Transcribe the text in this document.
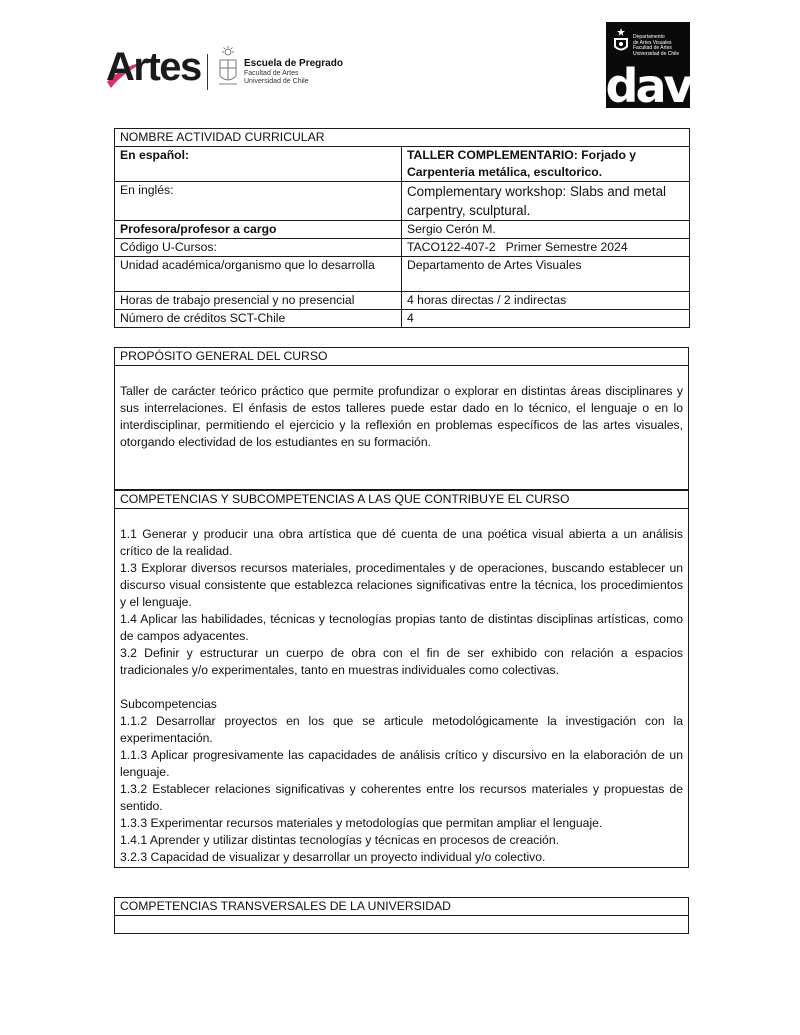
Artes	Escuela de Pregrado
Facultad de Artes
Universidad de Chile
Departamento
de Artes Visuales
Facultad de Artes
Universidad de Chile
dav
NOMBRE ACTIVIDAD CURRICULAR	
En español:	TALLER COMPLEMENTARIO: Forjado y Carpenteria metálica, escultorico.
En inglés:	Complementary workshop: Slabs and metal carpentry, sculptural.
Profesora/profesor a cargo	Sergio Cerón M.
Código U-Cursos:	TACO122-407-2   Primer Semestre 2024
Unidad académica/organismo que lo desarrolla	Departamento de Artes Visuales
Horas de trabajo presencial y no presencial	4 horas directas / 2 indirectas
Número de créditos SCT-Chile	4
PROPÓSITO GENERAL DEL CURSO

Taller de carácter teórico práctico que permite profundizar o explorar en distintas áreas disciplinares y sus interrelaciones. El énfasis de estos talleres puede estar dado en lo técnico, el lenguaje o en lo interdisciplinar, permitiendo el ejercicio y la reflexión en problemas específicos de las artes visuales, otorgando electividad de los estudiantes en su formación.
COMPETENCIAS Y SUBCOMPETENCIAS A LAS QUE CONTRIBUYE EL CURSO

1.1 Generar y producir una obra artística que dé cuenta de una poética visual abierta a un análisis crítico de la realidad.
1.3 Explorar diversos recursos materiales, procedimentales y de operaciones, buscando establecer un discurso visual consistente que establezca relaciones significativas entre la técnica, los procedimientos y el lenguaje.
1.4 Aplicar las habilidades, técnicas y tecnologías propias tanto de distintas disciplinas artísticas, como de campos adyacentes.
3.2 Definir y estructurar un cuerpo de obra con el fin de ser exhibido con relación a espacios tradicionales y/o experimentales, tanto en muestras individuales como colectivas.
Subcompetencias
1.1.2 Desarrollar proyectos en los que se articule metodológicamente la investigación con la experimentación.
1.1.3 Aplicar progresivamente las capacidades de análisis crítico y discursivo en la elaboración de un lenguaje.
1.3.2 Establecer relaciones significativas y coherentes entre los recursos materiales y propuestas de sentido.
1.3.3 Experimentar recursos materiales y metodologías que permitan ampliar el lenguaje.
1.4.1 Aprender y utilizar distintas tecnologías y técnicas en procesos de creación.
3.2.3 Capacidad de visualizar y desarrollar un proyecto individual y/o colectivo.
COMPETENCIAS TRANSVERSALES DE LA UNIVERSIDAD
